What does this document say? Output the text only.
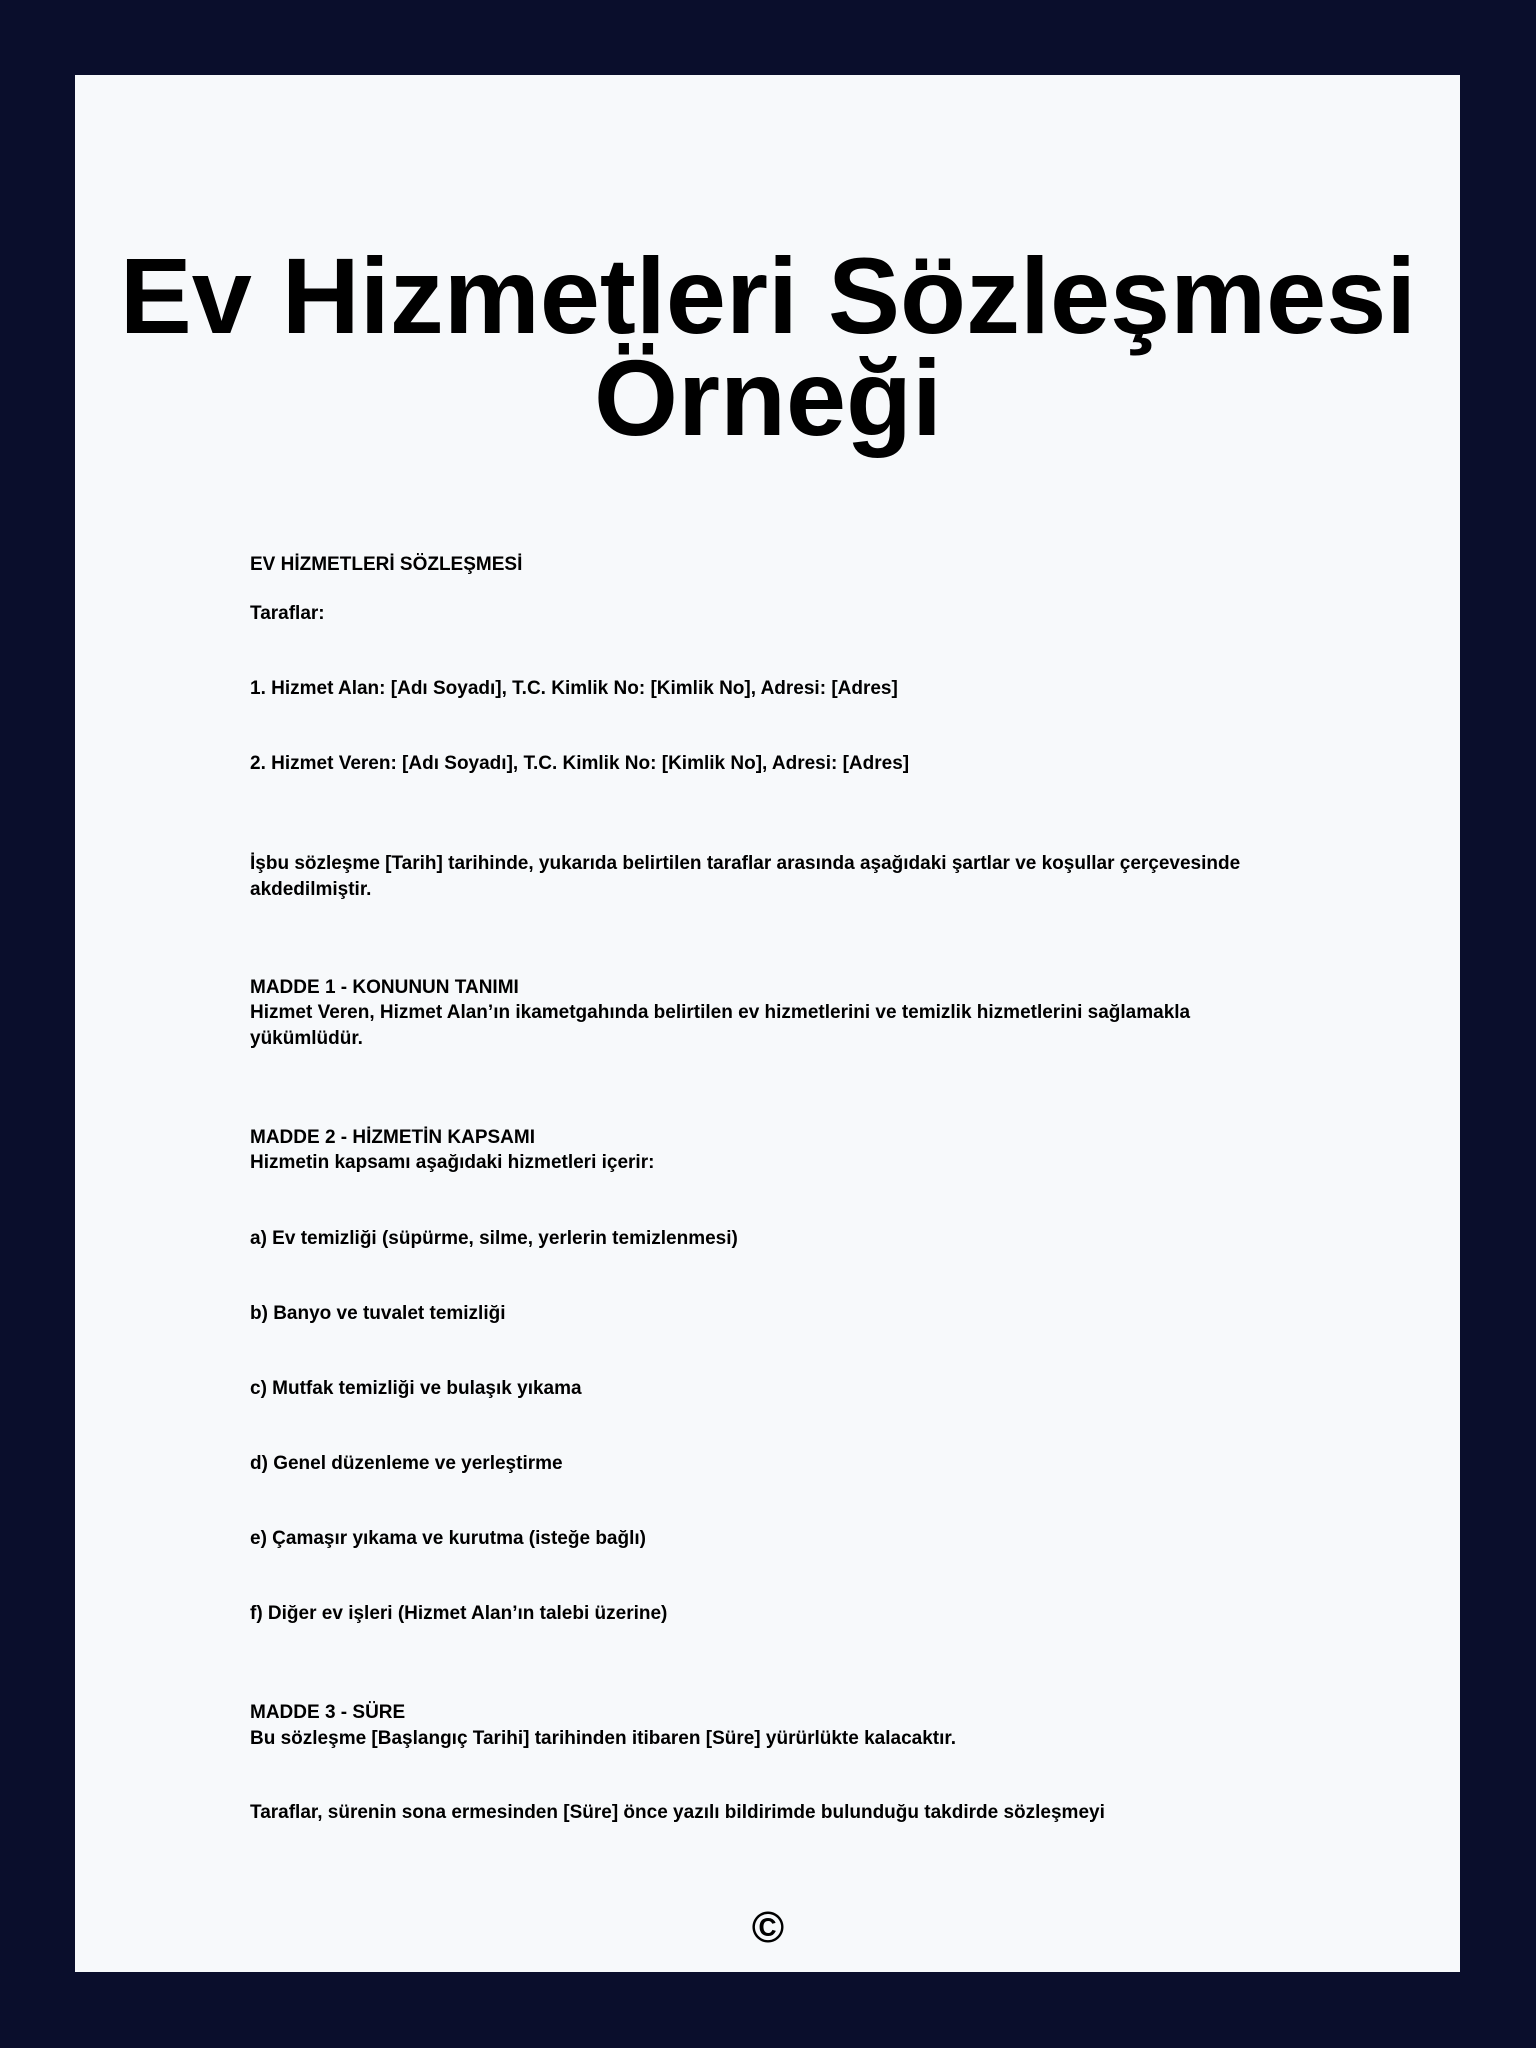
Ev Hizmetleri Sözleşmesi Örneği

EV HİZMETLERİ SÖZLEŞMESİ

Taraflar:

1. Hizmet Alan: [Adı Soyadı], T.C. Kimlik No: [Kimlik No], Adresi: [Adres]

2. Hizmet Veren: [Adı Soyadı], T.C. Kimlik No: [Kimlik No], Adresi: [Adres]

İşbu sözleşme [Tarih] tarihinde, yukarıda belirtilen taraflar arasında aşağıdaki şartlar ve koşullar çerçevesinde akdedilmiştir.

MADDE 1 - KONUNUN TANIMI

Hizmet Veren, Hizmet Alan’ın ikametgahında belirtilen ev hizmetlerini ve temizlik hizmetlerini sağlamakla yükümlüdür.

MADDE 2 - HİZMETİN KAPSAMI

Hizmetin kapsamı aşağıdaki hizmetleri içerir:

a) Ev temizliği (süpürme, silme, yerlerin temizlenmesi)

b) Banyo ve tuvalet temizliği

c) Mutfak temizliği ve bulaşık yıkama

d) Genel düzenleme ve yerleştirme

e) Çamaşır yıkama ve kurutma (isteğe bağlı)

f) Diğer ev işleri (Hizmet Alan’ın talebi üzerine)

MADDE 3 - SÜRE

Bu sözleşme [Başlangıç Tarihi] tarihinden itibaren [Süre] yürürlükte kalacaktır.

Taraflar, sürenin sona ermesinden [Süre] önce yazılı bildirimde bulunduğu takdirde sözleşmeyi

©
